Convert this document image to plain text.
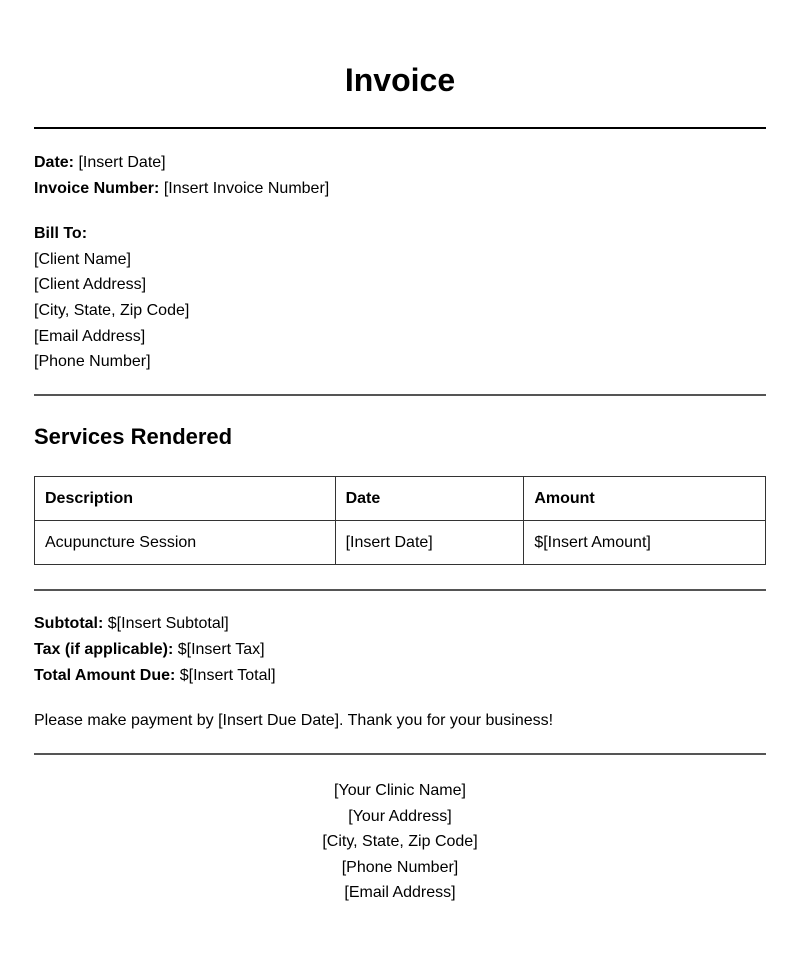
Invoice
Date: [Insert Date]
Invoice Number: [Insert Invoice Number]
Bill To:
[Client Name]
[Client Address]
[City, State, Zip Code]
[Email Address]
[Phone Number]
Services Rendered
Description	Date	Amount
Acupuncture Session	[Insert Date]	$[Insert Amount]
Subtotal: $[Insert Subtotal]
Tax (if applicable): $[Insert Tax]
Total Amount Due: $[Insert Total]
Please make payment by [Insert Due Date]. Thank you for your business!
[Your Clinic Name]
[Your Address]
[City, State, Zip Code]
[Phone Number]
[Email Address]
